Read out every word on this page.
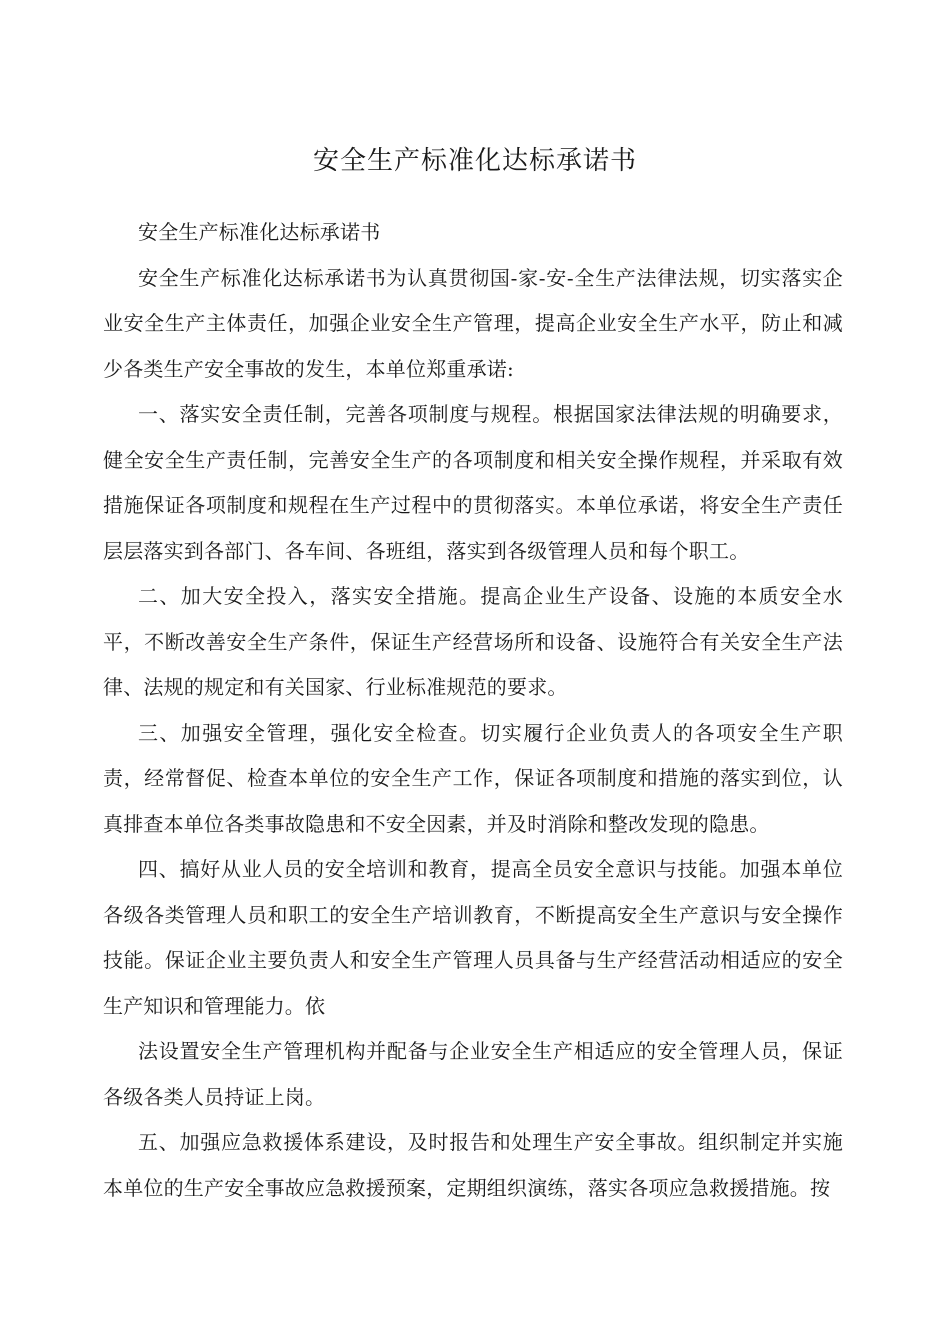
安全生产标准化达标承诺书

安全生产标准化达标承诺书

安全生产标准化达标承诺书为认真贯彻国-家-安-全生产法律法规，切实落实企业安全生产主体责任，加强企业安全生产管理，提高企业安全生产水平，防止和减少各类生产安全事故的发生，本单位郑重承诺:

一、落实安全责任制，完善各项制度与规程。根据国家法律法规的明确要求，健全安全生产责任制，完善安全生产的各项制度和相关安全操作规程，并采取有效措施保证各项制度和规程在生产过程中的贯彻落实。本单位承诺，将安全生产责任层层落实到各部门、各车间、各班组，落实到各级管理人员和每个职工。

二、加大安全投入，落实安全措施。提高企业生产设备、设施的本质安全水平，不断改善安全生产条件，保证生产经营场所和设备、设施符合有关安全生产法律、法规的规定和有关国家、行业标准规范的要求。

三、加强安全管理，强化安全检查。切实履行企业负责人的各项安全生产职责，经常督促、检查本单位的安全生产工作，保证各项制度和措施的落实到位，认真排查本单位各类事故隐患和不安全因素，并及时消除和整改发现的隐患。

四、搞好从业人员的安全培训和教育，提高全员安全意识与技能。加强本单位各级各类管理人员和职工的安全生产培训教育，不断提高安全生产意识与安全操作技能。保证企业主要负责人和安全生产管理人员具备与生产经营活动相适应的安全生产知识和管理能力。依

法设置安全生产管理机构并配备与企业安全生产相适应的安全管理人员，保证各级各类人员持证上岗。

五、加强应急救援体系建设，及时报告和处理生产安全事故。组织制定并实施本单位的生产安全事故应急救援预案，定期组织演练，落实各项应急救援措施。按
